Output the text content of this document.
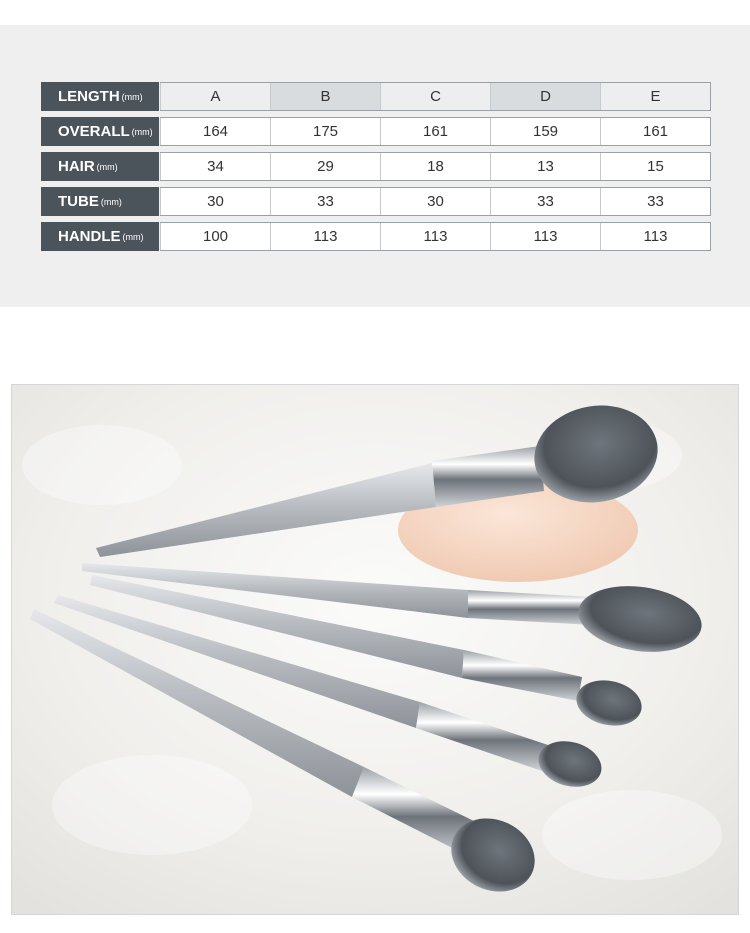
LENGTH (mm)	A	B	C	D	E
OVERALL (mm)	164	175	161	159	161
HAIR (mm)	34	29	18	13	15
TUBE (mm)	30	33	30	33	33
HANDLE (mm)	100	113	113	113	113
